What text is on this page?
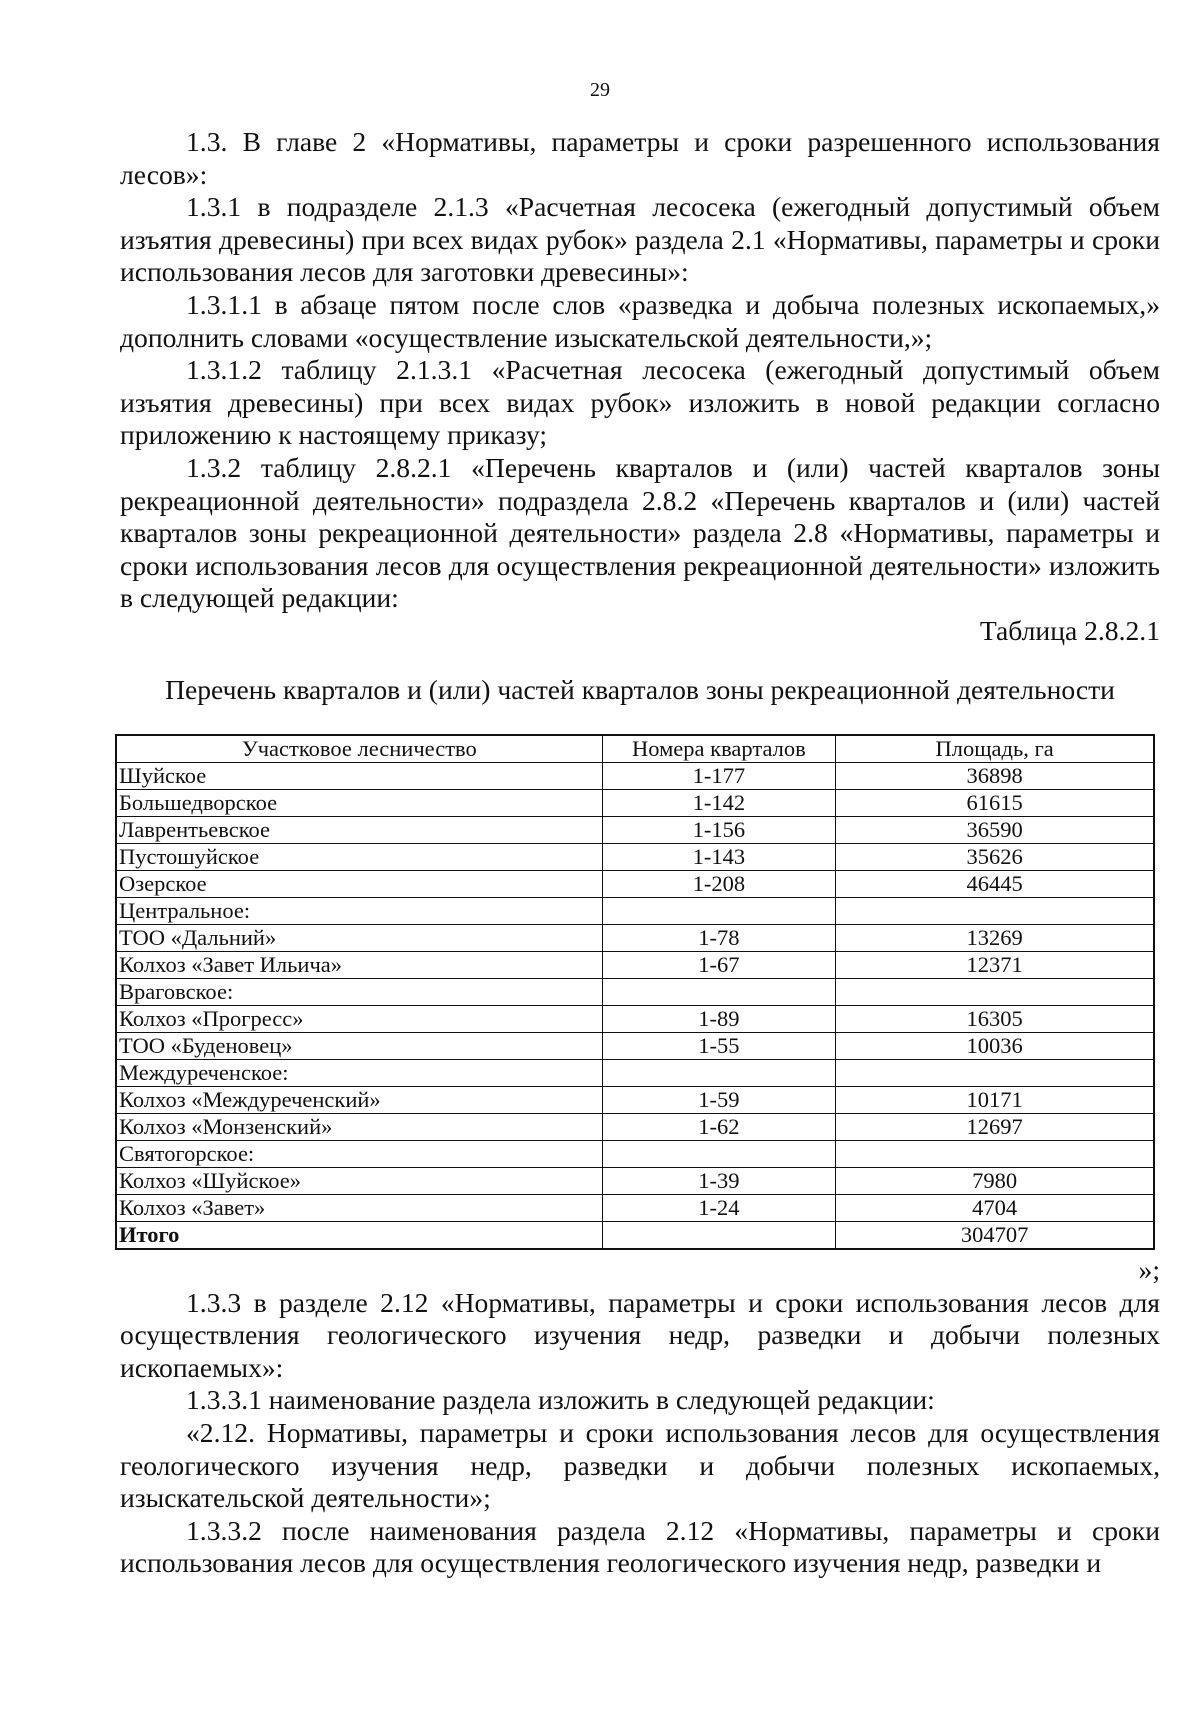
29

1.3. В главе 2 «Нормативы, параметры и сроки разрешенного использования лесов»:

1.3.1 в подразделе 2.1.3 «Расчетная лесосека (ежегодный допустимый объем изъятия древесины) при всех видах рубок» раздела 2.1 «Нормативы, параметры и сроки использования лесов для заготовки древесины»:

1.3.1.1 в абзаце пятом после слов «разведка и добыча полезных ископаемых,» дополнить словами «осуществление изыскательской деятельности,»;

1.3.1.2 таблицу 2.1.3.1 «Расчетная лесосека (ежегодный допустимый объем изъятия древесины) при всех видах рубок» изложить в новой редакции согласно приложению к настоящему приказу;

1.3.2 таблицу 2.8.2.1 «Перечень кварталов и (или) частей кварталов зоны рекреационной деятельности» подраздела 2.8.2 «Перечень кварталов и (или) частей кварталов зоны рекреационной деятельности» раздела 2.8 «Нормативы, параметры и сроки использования лесов для осуществления рекреационной деятельности» изложить в следующей редакции:

Таблица 2.8.2.1

Перечень кварталов и (или) частей кварталов зоны рекреационной деятельности

Участковое лесничество	Номера кварталов	Площадь, га
Шуйское	1-177	36898
Большедворское	1-142	61615
Лаврентьевское	1-156	36590
Пустошуйское	1-143	35626
Озерское	1-208	46445
Центральное:		
ТОО «Дальний»	1-78	13269
Колхоз «Завет Ильича»	1-67	12371
Враговское:		
Колхоз «Прогресс»	1-89	16305
ТОО «Буденовец»	1-55	10036
Междуреченское:		
Колхоз «Междуреченский»	1-59	10171
Колхоз «Монзенский»	1-62	12697
Святогорское:		
Колхоз «Шуйское»	1-39	7980
Колхоз «Завет»	1-24	4704
Итого		304707

»;

1.3.3 в разделе 2.12 «Нормативы, параметры и сроки использования лесов для осуществления геологического изучения недр, разведки и добычи полезных ископаемых»:

1.3.3.1 наименование раздела изложить в следующей редакции:

«2.12. Нормативы, параметры и сроки использования лесов для осуществления геологического изучения недр, разведки и добычи полезных ископаемых, изыскательской деятельности»;

1.3.3.2 после наименования раздела 2.12 «Нормативы, параметры и сроки использования лесов для осуществления геологического изучения недр, разведки и
